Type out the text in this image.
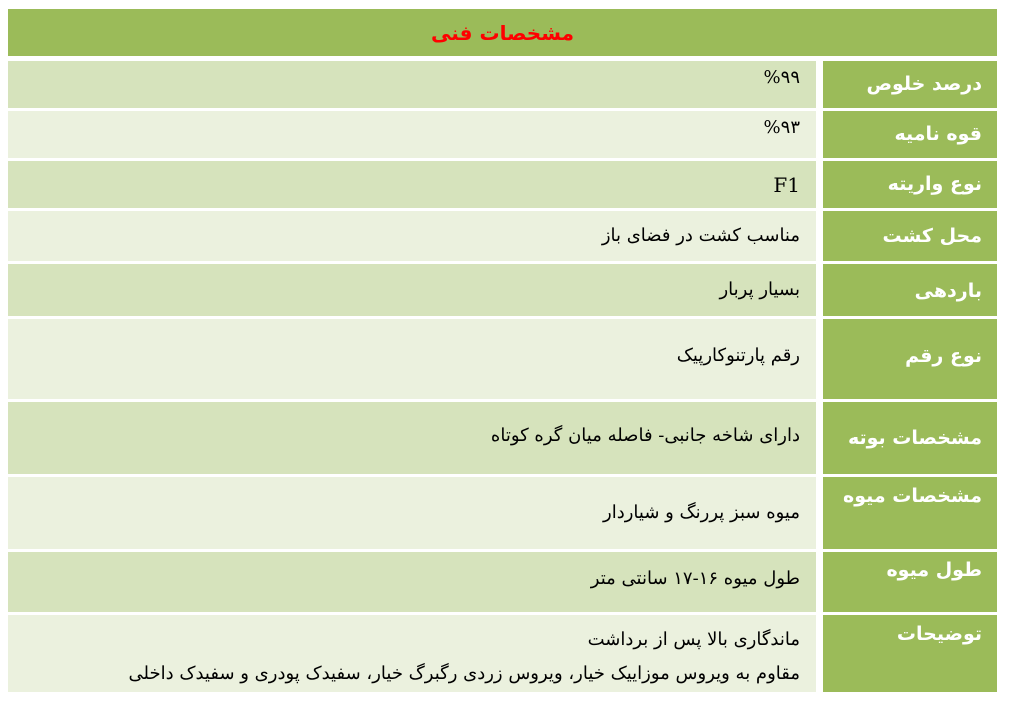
مشخصات فنی
درصد خلوص
%۹۹
قوه نامیه
%۹۳
نوع واریته
F1
محل کشت
مناسب کشت در فضای باز
باردهی
بسیار پربار
نوع رقم
رقم پارتنوکارپیک
مشخصات بوته
دارای شاخه جانبی- فاصله میان گره کوتاه
مشخصات میوه
میوه سبز پررنگ و شیاردار
طول میوه
طول میوه ۱۶-۱۷ سانتی متر
توضیحات
ماندگاری بالا پس از برداشت
مقاوم به ویروس موزاییک خیار، ویروس زردی رگبرگ خیار، سفیدک پودری و سفیدک داخلی
